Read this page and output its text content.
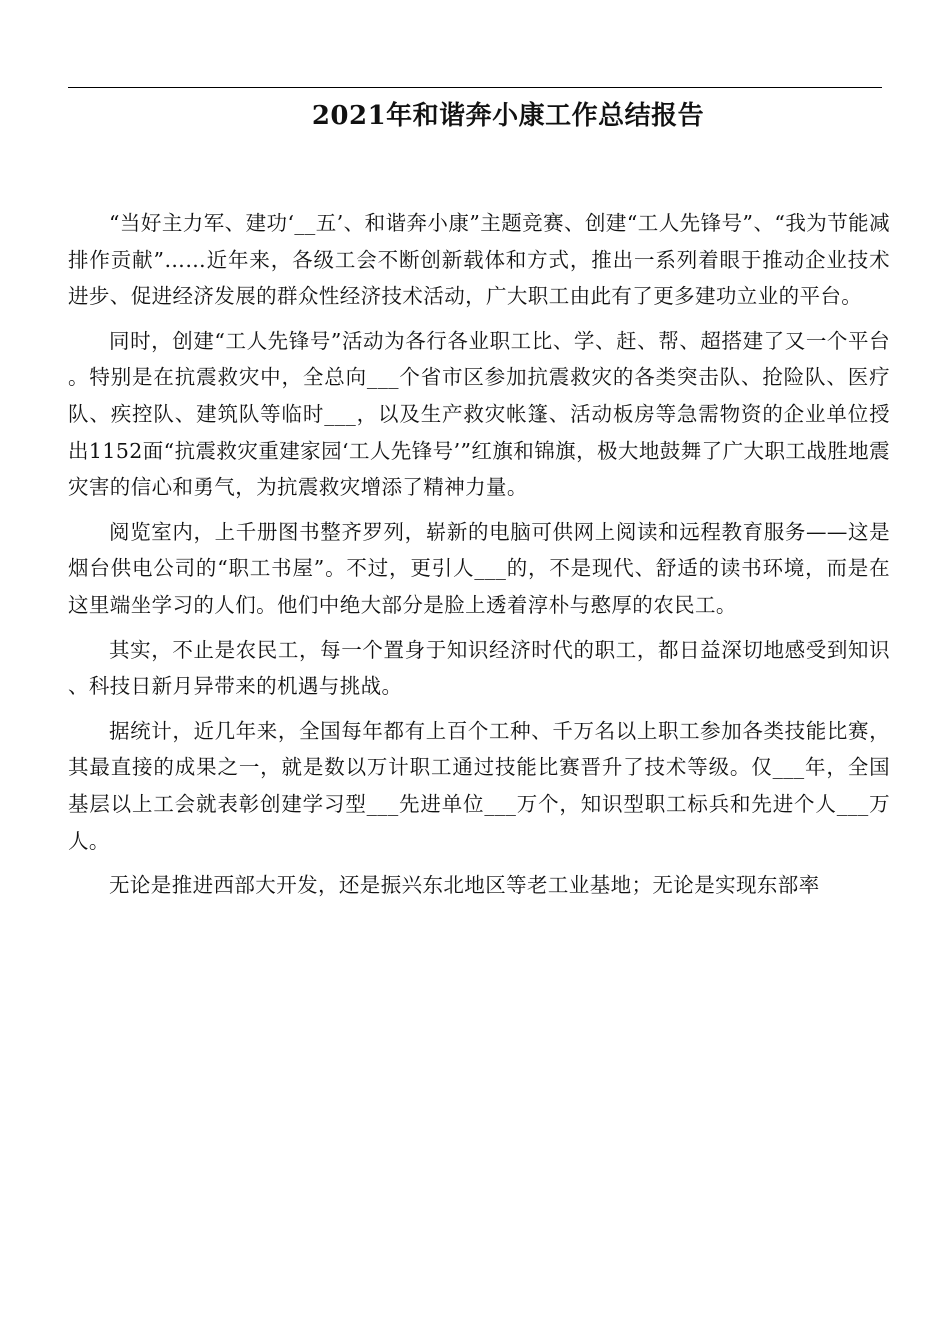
2021年和谐奔小康工作总结报告

“当好主力军、建功‘__五’、和谐奔小康”主题竞赛、创建“工人先锋号”、“我为节能减排作贡献”……近年来，各级工会不断创新载体和方式，推出一系列着眼于推动企业技术进步、促进经济发展的群众性经济技术活动，广大职工由此有了更多建功立业的平台。

同时，创建“工人先锋号”活动为各行各业职工比、学、赶、帮、超搭建了又一个平台。特别是在抗震救灾中，全总向___个省市区参加抗震救灾的各类突击队、抢险队、医疗队、疾控队、建筑队等临时___，以及生产救灾帐篷、活动板房等急需物资的企业单位授出1152面“抗震救灾重建家园‘工人先锋号’”红旗和锦旗，极大地鼓舞了广大职工战胜地震灾害的信心和勇气，为抗震救灾增添了精神力量。

阅览室内，上千册图书整齐罗列，崭新的电脑可供网上阅读和远程教育服务——这是烟台供电公司的“职工书屋”。不过，更引人___的，不是现代、舒适的读书环境，而是在这里端坐学习的人们。他们中绝大部分是脸上透着淳朴与憨厚的农民工。

其实，不止是农民工，每一个置身于知识经济时代的职工，都日益深切地感受到知识、科技日新月异带来的机遇与挑战。

据统计，近几年来，全国每年都有上百个工种、千万名以上职工参加各类技能比赛，其最直接的成果之一，就是数以万计职工通过技能比赛晋升了技术等级。仅___年，全国基层以上工会就表彰创建学习型___先进单位___万个，知识型职工标兵和先进个人___万人。

无论是推进西部大开发，还是振兴东北地区等老工业基地；无论是实现东部率
